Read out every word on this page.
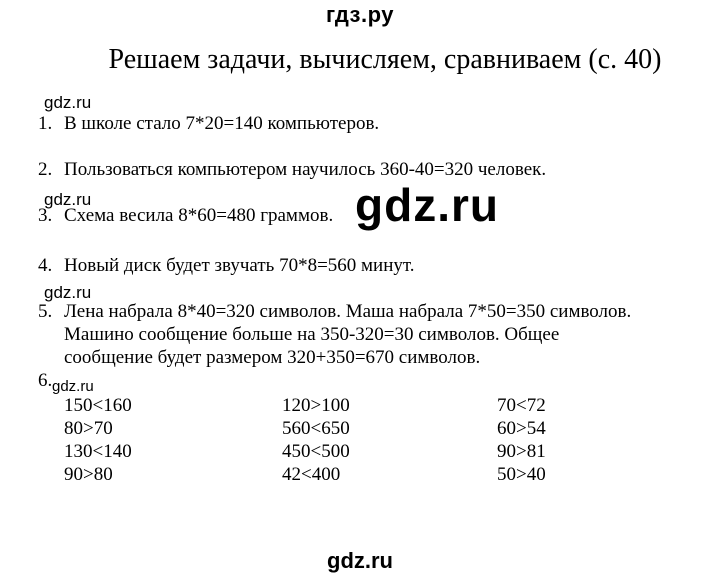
гдз.ру
Решаем задачи, вычисляем, сравниваем (с. 40)
gdz.ru
gdz.ru
gdz.ru
gdz.ru
gdz.ru
1. В школе стало 7*20=140 компьютеров.
2. Пользоваться компьютером научилось 360-40=320 человек.
3. Схема весила 8*60=480 граммов.
4. Новый диск будет звучать 70*8=560 минут.
5. Лена набрала 8*40=320 символов. Маша набрала 7*50=350 символов.
Машино сообщение больше на 350-320=30 символов. Общее
сообщение будет размером 320+350=670 символов.
6.
150<160
80>70
130<140
90>80
120>100
560<650
450<500
42<400
70<72
60>54
90>81
50>40
gdz.ru
